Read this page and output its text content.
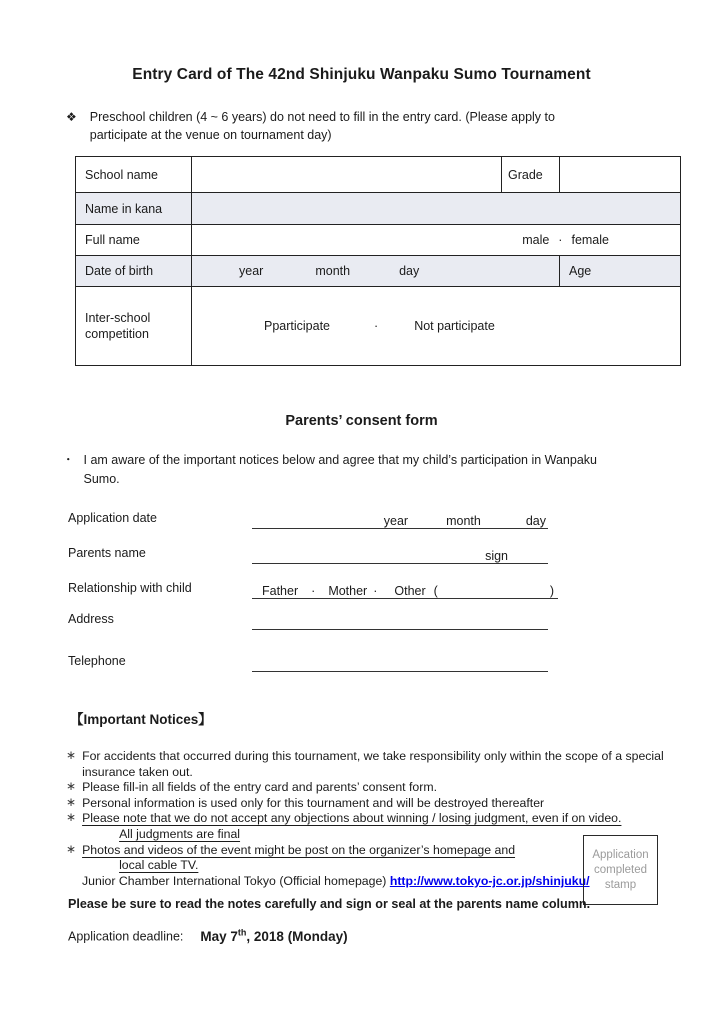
Entry Card of The 42nd Shinjuku Wanpaku Sumo Tournament
❖ Preschool children (4 ~ 6 years) do not need to fill in the entry card. (Please apply to participate at the venue on tournament day)
School name		Grade	
Name in kana			
Full name	male · female		

Date of birth	year month day		Age
Inter-school competition	Pparticipate · Not participate		
Parents’ consent form
・ I am aware of the important notices below and agree that my child’s participation in Wanpaku Sumo.
Application date	year	month	day
Parents name	sign
Relationship with child	Father · Mother · Other (	)
Address
Telephone
【Important Notices】
∗ For accidents that occurred during this tournament, we take responsibility only within the scope of a special
insurance taken out.
∗ Please fill-in all fields of the entry card and parents’ consent form.
∗ Personal information is used only for this tournament and will be destroyed thereafter
∗ Please note that we do not accept any objections about winning / losing judgment, even if on video.
All judgments are final
∗ Photos and videos of the event might be post on the organizer’s homepage and
local cable TV.
Junior Chamber International Tokyo (Official homepage) http://www.tokyo-jc.or.jp/shinjuku/
Application completed stamp
Please be sure to read the notes carefully and sign or seal at the parents name column.
Application deadline: May 7th, 2018 (Monday)
